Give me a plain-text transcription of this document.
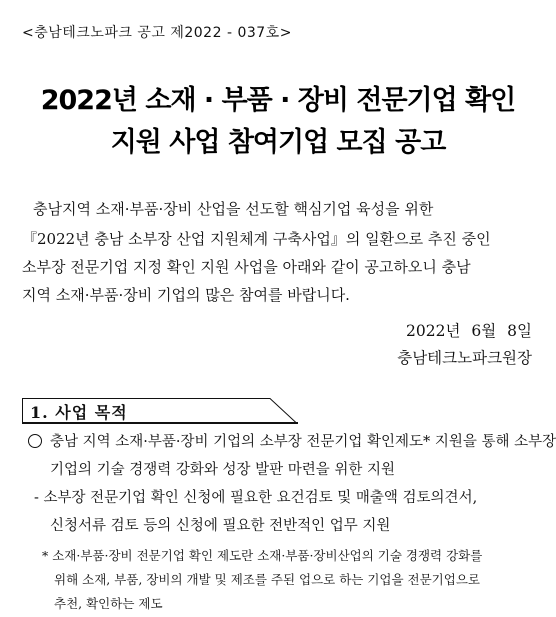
<충남테크노파크 공고 제2022 - 037호>
2022년 소재 · 부품 · 장비 전문기업 확인
지원 사업 참여기업 모집 공고
충남지역 소재·부품·장비 산업을 선도할 핵심기업 육성을 위한
『2022년 충남 소부장 산업 지원체계 구축사업』의 일환으로 추진 중인
소부장 전문기업 지정 확인 지원 사업을 아래와 같이 공고하오니 충남
지역 소재·부품·장비 기업의 많은 참여를 바랍니다.
2022년 6월 8일
충남테크노파크원장
1. 사업 목적
충남 지역 소재·부품·장비 기업의 소부장 전문기업 확인제도* 지원을 통해 소부장
기업의 기술 경쟁력 강화와 성장 발판 마련을 위한 지원
- 소부장 전문기업 확인 신청에 필요한 요건검토 및 매출액 검토의견서,
신청서류 검토 등의 신청에 필요한 전반적인 업무 지원
* 소재·부품·장비 전문기업 확인 제도란 소재·부품·장비산업의 기술 경쟁력 강화를
위해 소재, 부품, 장비의 개발 및 제조를 주된 업으로 하는 기업을 전문기업으로
추천, 확인하는 제도
